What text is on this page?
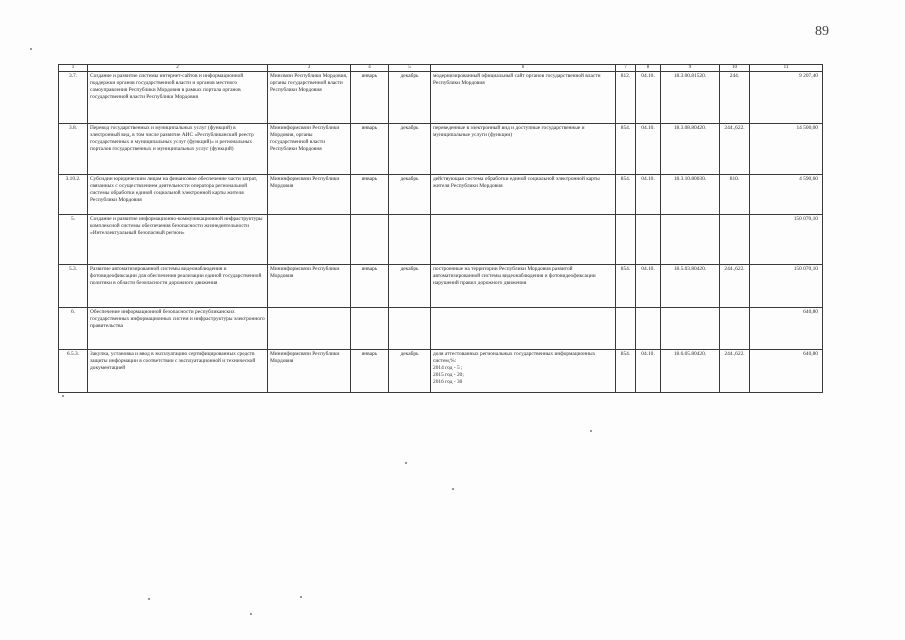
89
1	2	3	4	5	6	7	8	9	10	11
3.7.	Создание и развитие системы интернет-сайтов и информационной поддержки органов государственной власти и органов местного самоуправления Республики Мордовия в рамках портала органов государственной власти Республики Мордовия	Минсвязи Республики Мордовия, органы государственной власти Республики Мордовия	январь	декабрь	модернизированный официальный сайт органов государственной власти Республики Мордовия	812.	04.10.	18.3.00.81520.	244.	9 207,40
3.8.	Перевод государственных и муниципальных услуг (функций) в электронный вид, в том числе развитие АИС «Республиканский реестр государственных и муниципальных услуг (функций)» и региональных порталов государственных и муниципальных услуг (функций)	Мининформсвязи Республики Мордовия, органы государственной власти Республики Мордовия	январь	декабрь	переведенные в электронный вид и доступные государственные и муниципальные услуги (функции)	854.	04.10.	18.3.08.80420.	244.,622.	14 500,00
3.10.2.	Субсидии юридическим лицам на финансовое обеспечение части затрат, связанных с осуществлением деятельности оператора региональной системы обработки единой социальной электронной карты жителя Республики Мордовия	Мининформсвязи Республики Мордовия	январь	декабрь	действующая система обработки единой социальной электронной карты жителя Республики Мордовия	854.	04.10.	18.3.10.80030.	810.	4 590,60
5.	Создание и развитие информационно-коммуникационной инфраструктуры комплексной системы обеспечения безопасности жизнедеятельности «Интеллектуальный безопасный регион»									150 070,10
5.3.	Развитие автоматизированной системы видеонаблюдения и фотовидеофиксации для обеспечения реализации единой государственной политики в области безопасности дорожного движения	Мининформсвязи Республики Мордовия	январь	декабрь	построенные на территории Республики Мордовия развитой автоматизированной системы видеонаблюдения и фотовидеофиксации нарушений правил дорожного движения	854.	04.10.	18.5.03.80420.	244.,622.	150 070,10
6.	Обеспечение информационной безопасности республиканских государственных информационных систем и инфраструктуры электронного правительства									640,80
6.5.3.	Закупка, установка и ввод в эксплуатацию сертифицированных средств защиты информации в соответствии с эксплуатационной и технической документацией	Мининформсвязи Республики Мордовия	январь	декабрь	доля аттестованных региональных государственных информационных систем,%:
2014 год - 5 ;
2015 год - 20;
2016 год - 30	854.	04.10.	18.6.05.80420.	244.,622.	640,80
